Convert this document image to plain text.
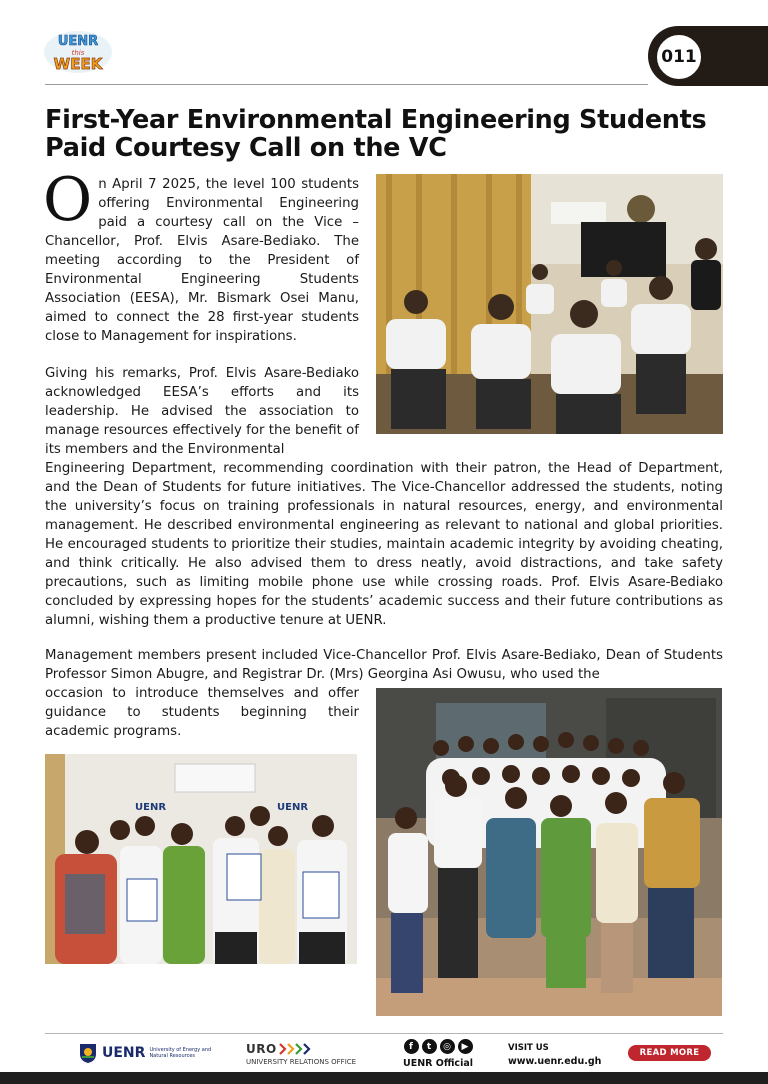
UENR
this
WEEK	011
First-Year Environmental Engineering Students
Paid Courtesy Call on the VC
On April 7 2025, the level 100 students offering Environmental Engineering paid a courtesy call on the Vice – Chancellor, Prof. Elvis Asare-Bediako. The meeting according to the President of Environmental Engineering Students Association (EESA), Mr. Bismark Osei Manu, aimed to connect the 28 first-year students close to Management for inspirations.
Giving his remarks, Prof. Elvis Asare-Bediako acknowledged EESA’s efforts and its leadership. He advised the association to manage resources effectively for the benefit of its members and the Environmental
Engineering Department, recommending coordination with their patron, the Head of Department, and the Dean of Students for future initiatives. The Vice-Chancellor addressed the students, noting the university’s focus on training professionals in natural resources, energy, and environmental management. He described environmental engineering as relevant to national and global priorities. He encouraged students to prioritize their studies, maintain academic integrity by avoiding cheating, and think critically. He also advised them to dress neatly, avoid distractions, and take safety precautions, such as limiting mobile phone use while crossing roads. Prof. Elvis Asare-Bediako concluded by expressing hopes for the students’ academic success and their future contributions as alumni, wishing them a productive tenure at UENR.
Management members present included Vice-Chancellor Prof. Elvis Asare-Bediako, Dean of Students Professor Simon Abugre, and Registrar Dr. (Mrs) Georgina Asi Owusu, who used the
occasion to introduce themselves and offer guidance to students beginning their academic programs.
UENR	UENR
UENR University of Energy and Natural Resources	URO
UNIVERSITY RELATIONS OFFICE
f	t	◎	▶
UENR Official
VISIT US
www.uenr.edu.gh
READ MORE
